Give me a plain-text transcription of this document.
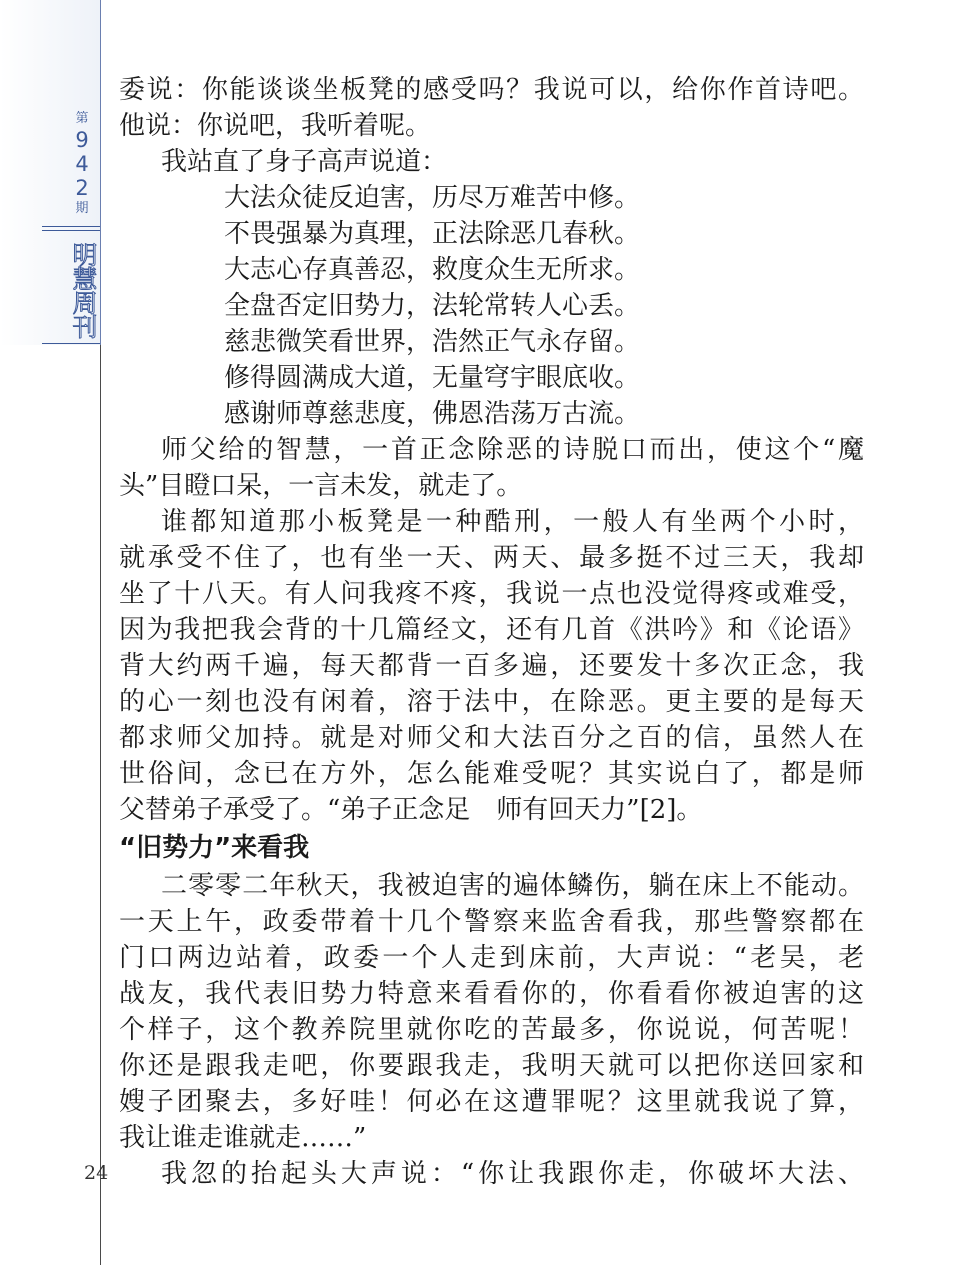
第
9
4
2
期
明慧周刊
24
委说：你能谈谈坐板凳的感受吗？我说可以，给你作首诗吧。
他说：你说吧，我听着呢。
我站直了身子高声说道：
大法众徒反迫害，历尽万难苦中修。
不畏强暴为真理，正法除恶几春秋。
大志心存真善忍，救度众生无所求。
全盘否定旧势力，法轮常转人心丢。
慈悲微笑看世界，浩然正气永存留。
修得圆满成大道，无量穹宇眼底收。
感谢师尊慈悲度，佛恩浩荡万古流。
师父给的智慧，一首正念除恶的诗脱口而出，使这个“魔
头”目瞪口呆，一言未发，就走了。
谁都知道那小板凳是一种酷刑，一般人有坐两个小时，
就承受不住了，也有坐一天、两天、最多挺不过三天，我却
坐了十八天。有人问我疼不疼，我说一点也没觉得疼或难受，
因为我把我会背的十几篇经文，还有几首《洪吟》和《论语》
背大约两千遍，每天都背一百多遍，还要发十多次正念，我
的心一刻也没有闲着，溶于法中，在除恶。更主要的是每天
都求师父加持。就是对师父和大法百分之百的信，虽然人在
世俗间，念已在方外，怎么能难受呢？其实说白了，都是师
父替弟子承受了。“弟子正念足　师有回天力”[2]。
“旧势力”来看我
二零零二年秋天，我被迫害的遍体鳞伤，躺在床上不能动。
一天上午，政委带着十几个警察来监舍看我，那些警察都在
门口两边站着，政委一个人走到床前，大声说：“老吴，老
战友，我代表旧势力特意来看看你的，你看看你被迫害的这
个样子，这个教养院里就你吃的苦最多，你说说，何苦呢！
你还是跟我走吧，你要跟我走，我明天就可以把你送回家和
嫂子团聚去，多好哇！何必在这遭罪呢？这里就我说了算，
我让谁走谁就走……”
我忽的抬起头大声说：“你让我跟你走，你破坏大法、
